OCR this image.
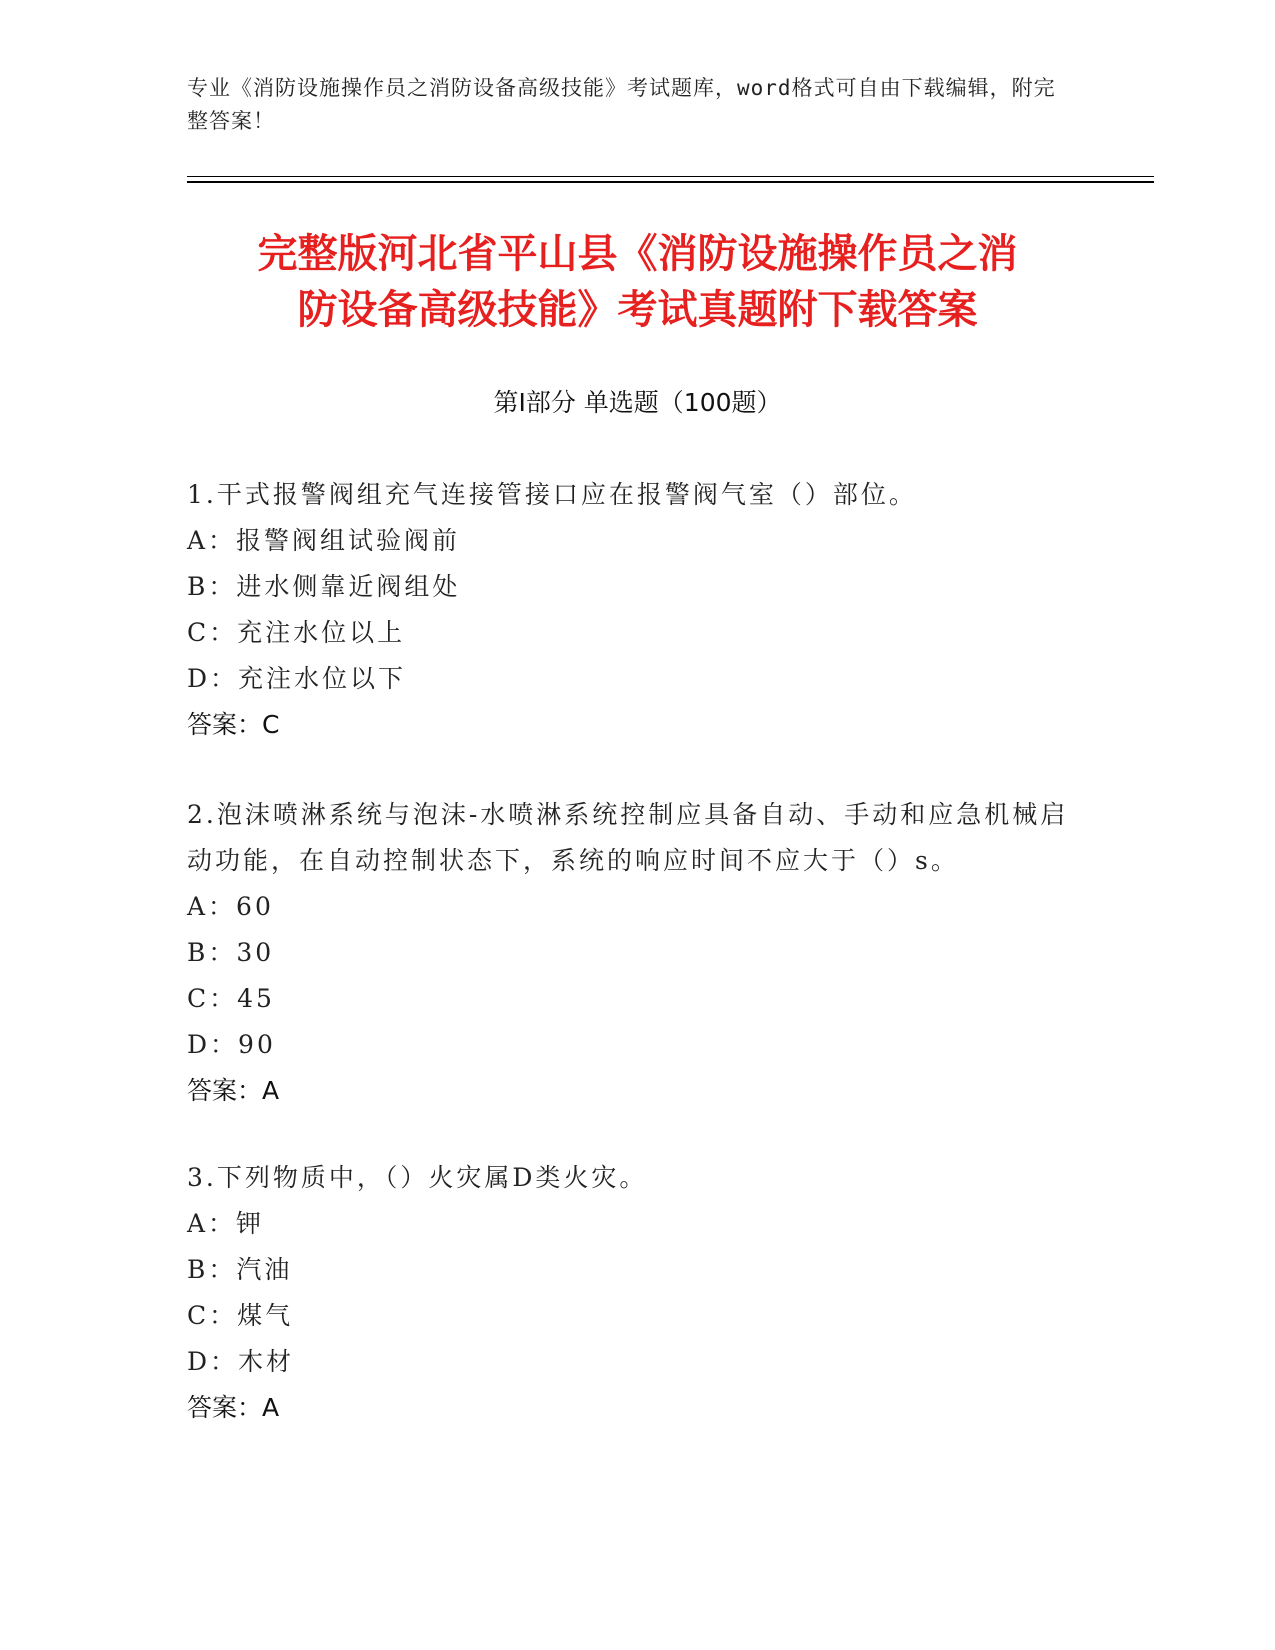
专业《消防设施操作员之消防设备高级技能》考试题库，word格式可自由下载编辑，附完整答案！
完整版河北省平山县《消防设施操作员之消
防设备高级技能》考试真题附下载答案
第Ⅰ部分 单选题（100题）
1.干式报警阀组充气连接管接口应在报警阀气室（）部位。
A：报警阀组试验阀前
B：进水侧靠近阀组处
C：充注水位以上
D：充注水位以下
答案：C
2.泡沫喷淋系统与泡沫-水喷淋系统控制应具备自动、手动和应急机械启动功能，在自动控制状态下，系统的响应时间不应大于（）s。
A：60
B：30
C：45
D：90
答案：A
3.下列物质中，（）火灾属D类火灾。
A：钾
B：汽油
C：煤气
D：木材
答案：A
